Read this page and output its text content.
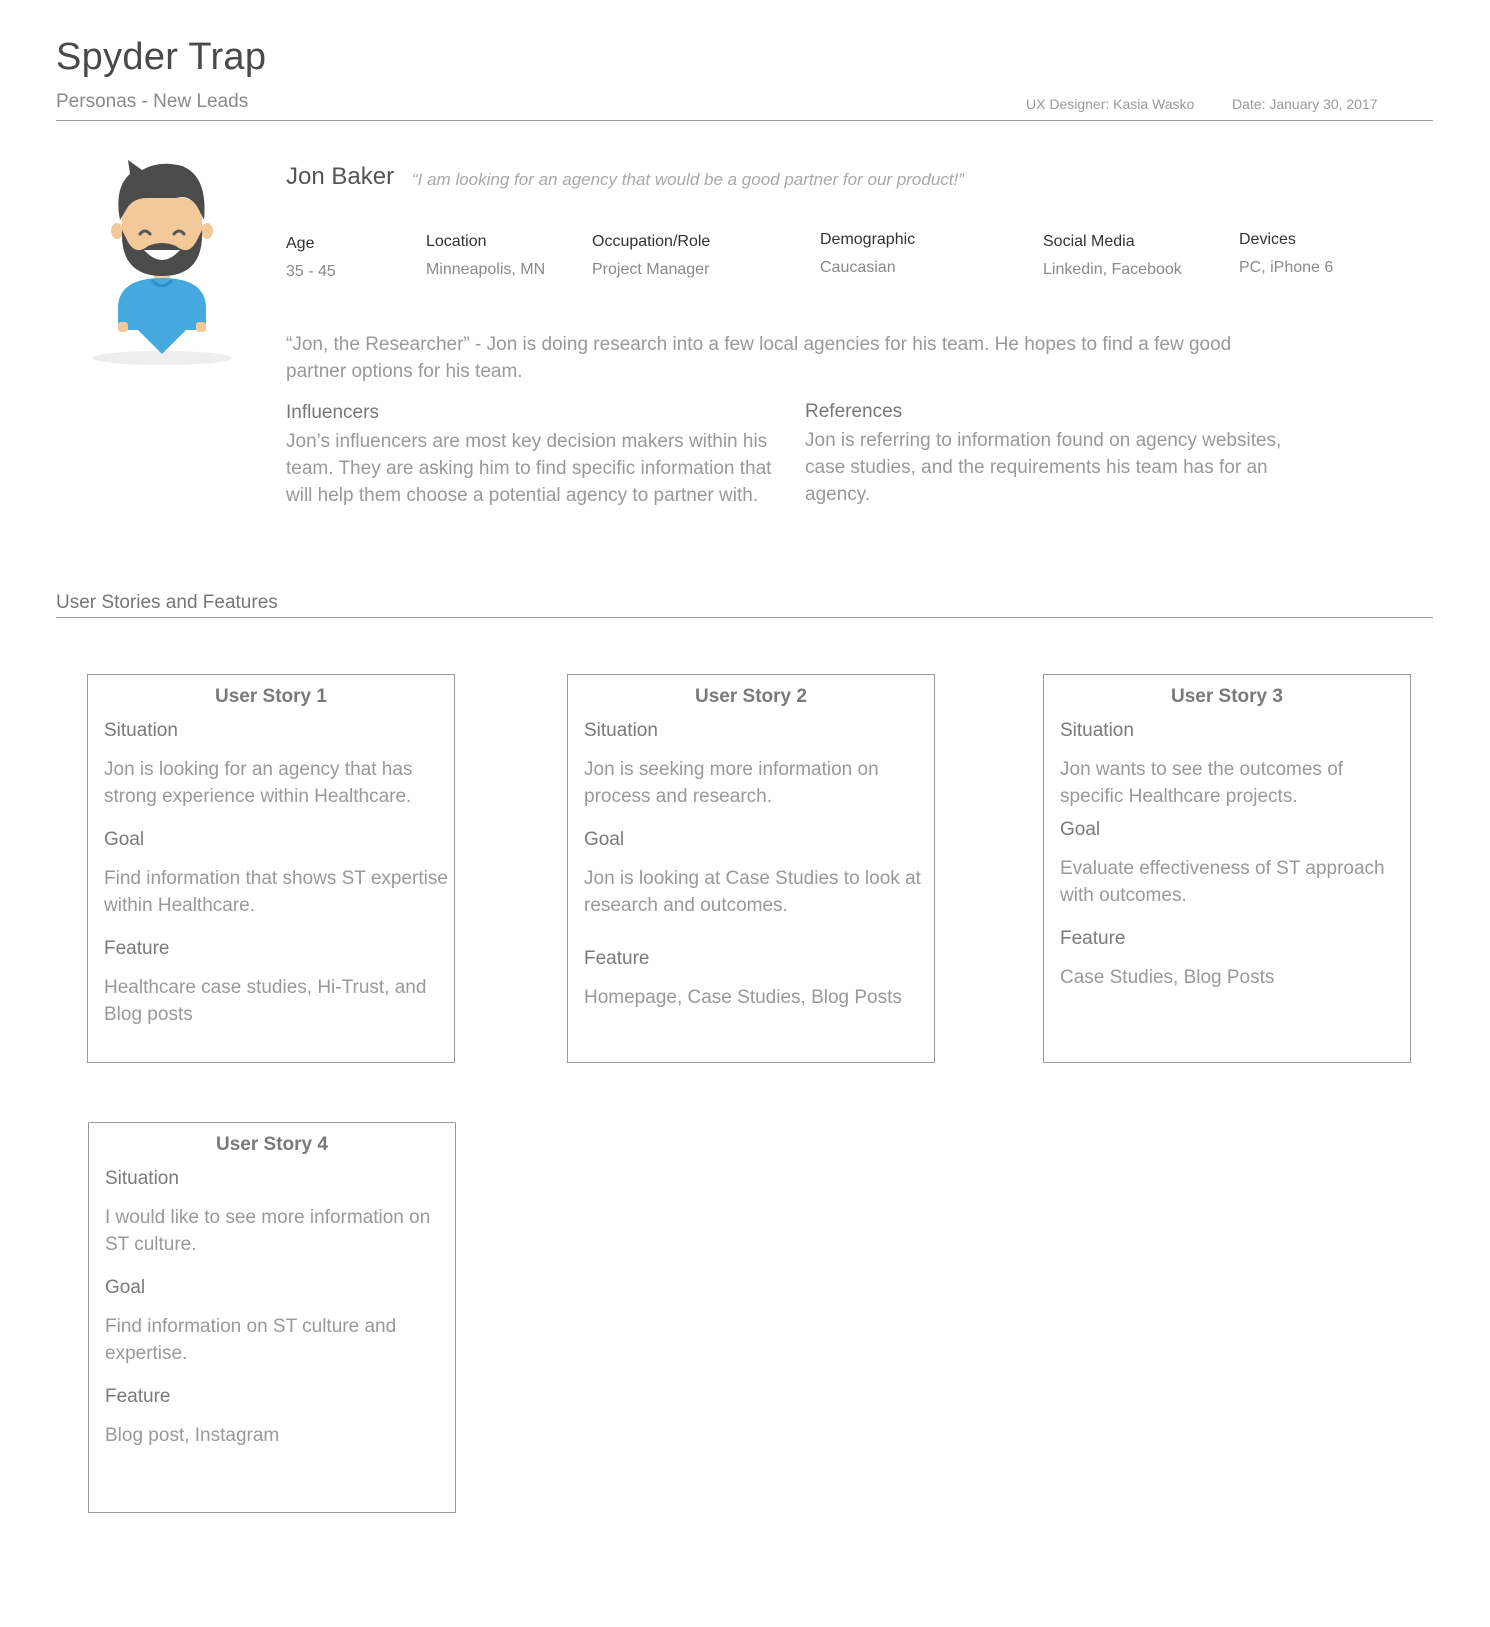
Spyder Trap
Personas - New Leads	UX Designer: Kasia Wasko	Date: January 30, 2017
Jon Baker “I am looking for an agency that would be a good partner for our product!”
Age
35 - 45
Location
Minneapolis, MN
Occupation/Role
Project Manager
Demographic
Caucasian
Social Media
Linkedin, Facebook
Devices
PC, iPhone 6
“Jon, the Researcher” - Jon is doing research into a few local agencies for his team. He hopes to find a few good partner options for his team.
Influencers
Jon’s influencers are most key decision makers within his team. They are asking him to find specific information that will help them choose a potential agency to partner with.
References
Jon is referring to information found on agency websites, case studies, and the requirements his team has for an agency.
User Stories and Features
User Story 1
Situation
Jon is looking for an agency that has strong experience within Healthcare.
Goal
Find information that shows ST expertise within Healthcare.
Feature
Healthcare case studies, Hi-Trust, and Blog posts
User Story 2
Situation
Jon is seeking more information on process and research.
Goal
Jon is looking at Case Studies to look at research and outcomes.
Feature
Homepage, Case Studies, Blog Posts
User Story 3
Situation
Jon wants to see the outcomes of specific Healthcare projects.
Goal
Evaluate effectiveness of ST approach with outcomes.
Feature
Case Studies, Blog Posts
User Story 4
Situation
I would like to see more information on ST culture.
Goal
Find information on ST culture and expertise.
Feature
Blog post, Instagram
